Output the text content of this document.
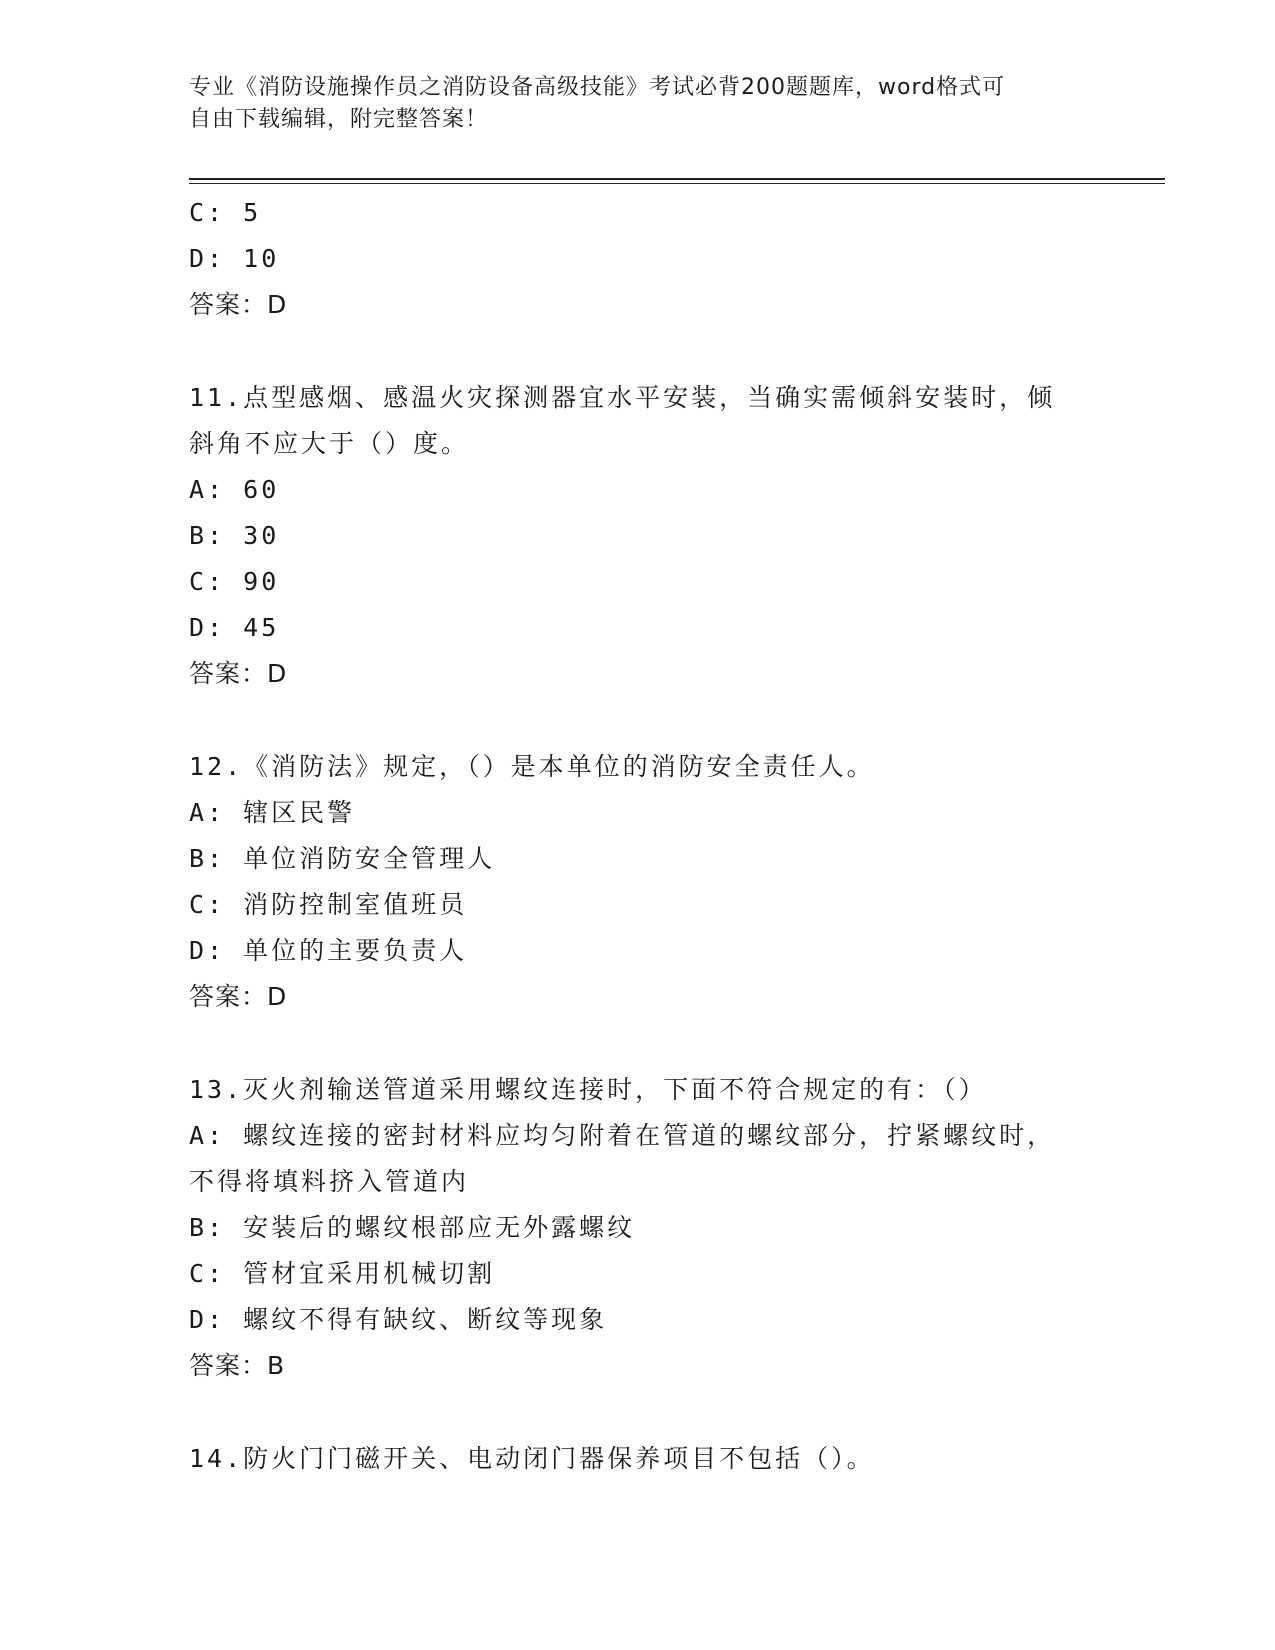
专业《消防设施操作员之消防设备高级技能》考试必背200题题库，word格式可
自由下载编辑，附完整答案！
C: 5
D: 10
答案：D
11.点型感烟、感温火灾探测器宜水平安装，当确实需倾斜安装时，倾
斜角不应大于（）度。
A: 60
B: 30
C: 90
D: 45
答案：D
12.《消防法》规定，（）是本单位的消防安全责任人。
A: 辖区民警
B: 单位消防安全管理人
C: 消防控制室值班员
D: 单位的主要负责人
答案：D
13.灭火剂输送管道采用螺纹连接时，下面不符合规定的有：（）
A: 螺纹连接的密封材料应均匀附着在管道的螺纹部分，拧紧螺纹时，
不得将填料挤入管道内
B: 安装后的螺纹根部应无外露螺纹
C: 管材宜采用机械切割
D: 螺纹不得有缺纹、断纹等现象
答案：B
14.防火门门磁开关、电动闭门器保养项目不包括（）。
